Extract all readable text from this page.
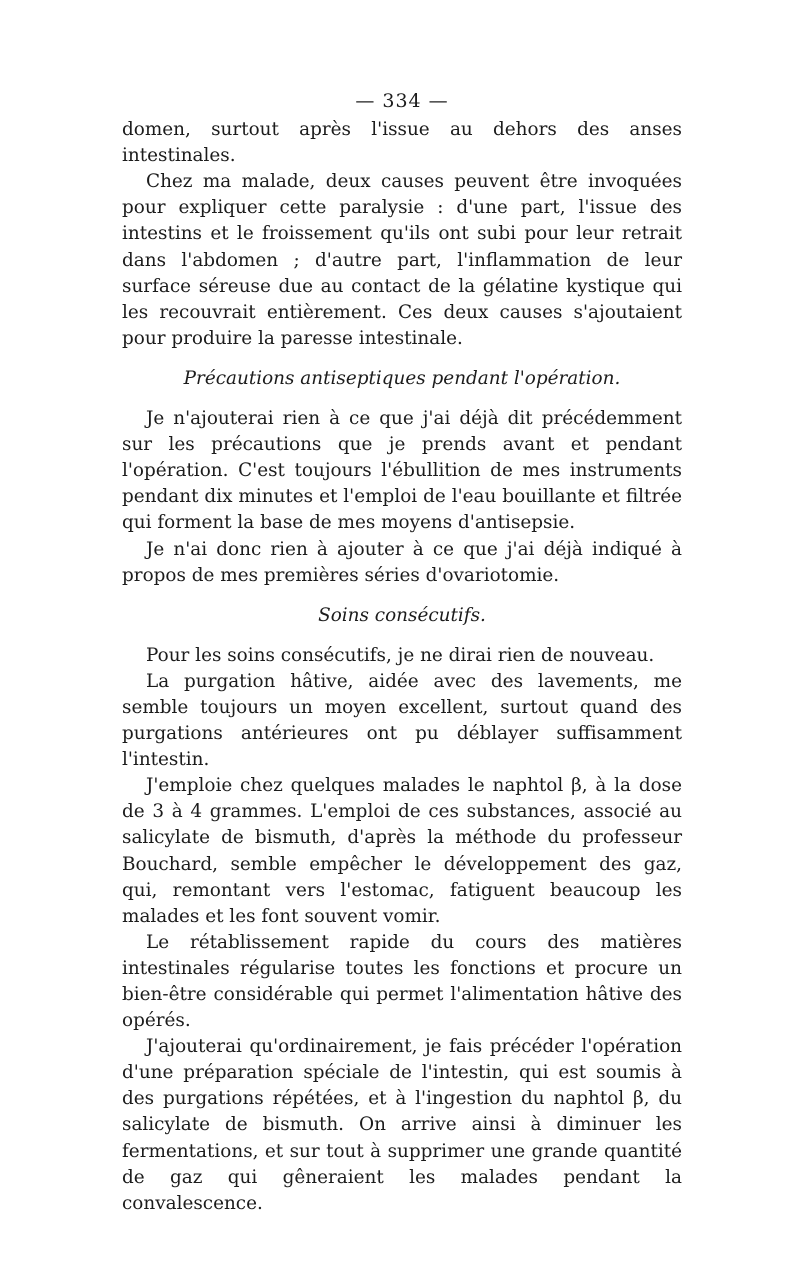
— 334 —

domen, surtout après l'issue au dehors des anses intestinales.

Chez ma malade, deux causes peuvent être invoquées pour expliquer cette paralysie : d'une part, l'issue des intestins et le froissement qu'ils ont subi pour leur retrait dans l'abdomen ; d'autre part, l'inflammation de leur surface séreuse due au contact de la gélatine kystique qui les recouvrait entièrement. Ces deux causes s'ajoutaient pour produire la paresse intestinale.

Précautions antiseptiques pendant l'opération.

Je n'ajouterai rien à ce que j'ai déjà dit précédemment sur les précautions que je prends avant et pendant l'opération. C'est toujours l'ébullition de mes instruments pendant dix minutes et l'emploi de l'eau bouillante et filtrée qui forment la base de mes moyens d'antisepsie.

Je n'ai donc rien à ajouter à ce que j'ai déjà indiqué à propos de mes premières séries d'ovariotomie.

Soins consécutifs.

Pour les soins consécutifs, je ne dirai rien de nouveau.

La purgation hâtive, aidée avec des lavements, me semble toujours un moyen excellent, surtout quand des purgations antérieures ont pu déblayer suffisamment l'intestin.

J'emploie chez quelques malades le naphtol β, à la dose de 3 à 4 grammes. L'emploi de ces substances, associé au salicylate de bismuth, d'après la méthode du professeur Bouchard, semble empêcher le développement des gaz, qui, remontant vers l'estomac, fatiguent beaucoup les malades et les font souvent vomir.

Le rétablissement rapide du cours des matières intestinales régularise toutes les fonctions et procure un bien-être considérable qui permet l'alimentation hâtive des opérés.

J'ajouterai qu'ordinairement, je fais précéder l'opération d'une préparation spéciale de l'intestin, qui est soumis à des purgations répétées, et à l'ingestion du naphtol β, du salicylate de bismuth. On arrive ainsi à diminuer les fermentations, et sur tout à supprimer une grande quantité de gaz qui gêneraient les malades pendant la convalescence.
